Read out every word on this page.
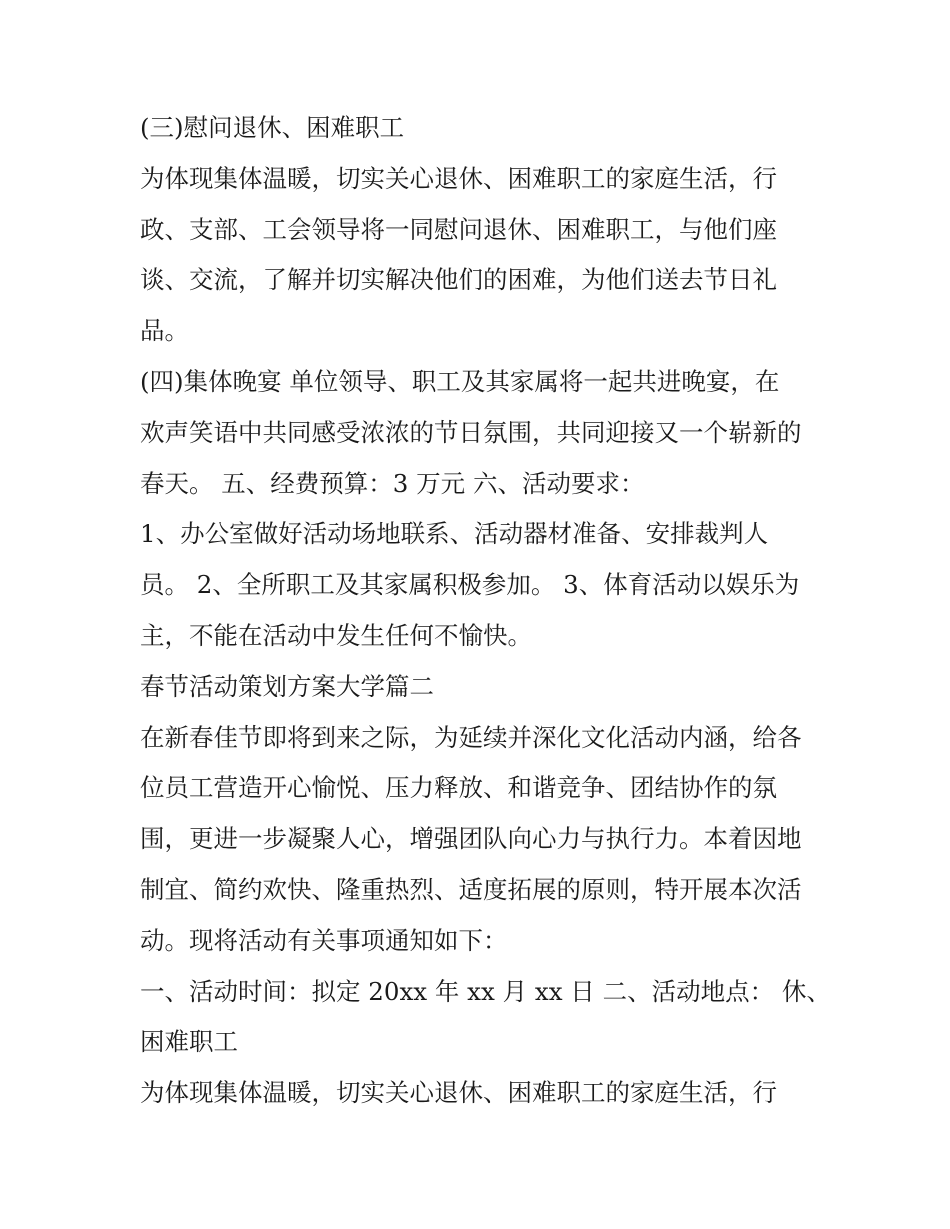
(三)慰问退休、困难职工
为体现集体温暖，切实关心退休、困难职工的家庭生活，行
政、支部、工会领导将一同慰问退休、困难职工，与他们座
谈、交流，了解并切实解决他们的困难，为他们送去节日礼
品。
(四)集体晚宴 单位领导、职工及其家属将一起共进晚宴，在
欢声笑语中共同感受浓浓的节日氛围，共同迎接又一个崭新的
春天。 五、经费预算：3 万元 六、活动要求：
1、办公室做好活动场地联系、活动器材准备、安排裁判人
员。 2、全所职工及其家属积极参加。 3、体育活动以娱乐为
主，不能在活动中发生任何不愉快。
春节活动策划方案大学篇二
在新春佳节即将到来之际，为延续并深化文化活动内涵，给各
位员工营造开心愉悦、压力释放、和谐竞争、团结协作的氛
围，更进一步凝聚人心，增强团队向心力与执行力。本着因地
制宜、简约欢快、隆重热烈、适度拓展的原则，特开展本次活
动。现将活动有关事项通知如下：
一、活动时间：拟定 20xx 年 xx 月 xx 日 二、活动地点： 休、
困难职工
为体现集体温暖，切实关心退休、困难职工的家庭生活，行
